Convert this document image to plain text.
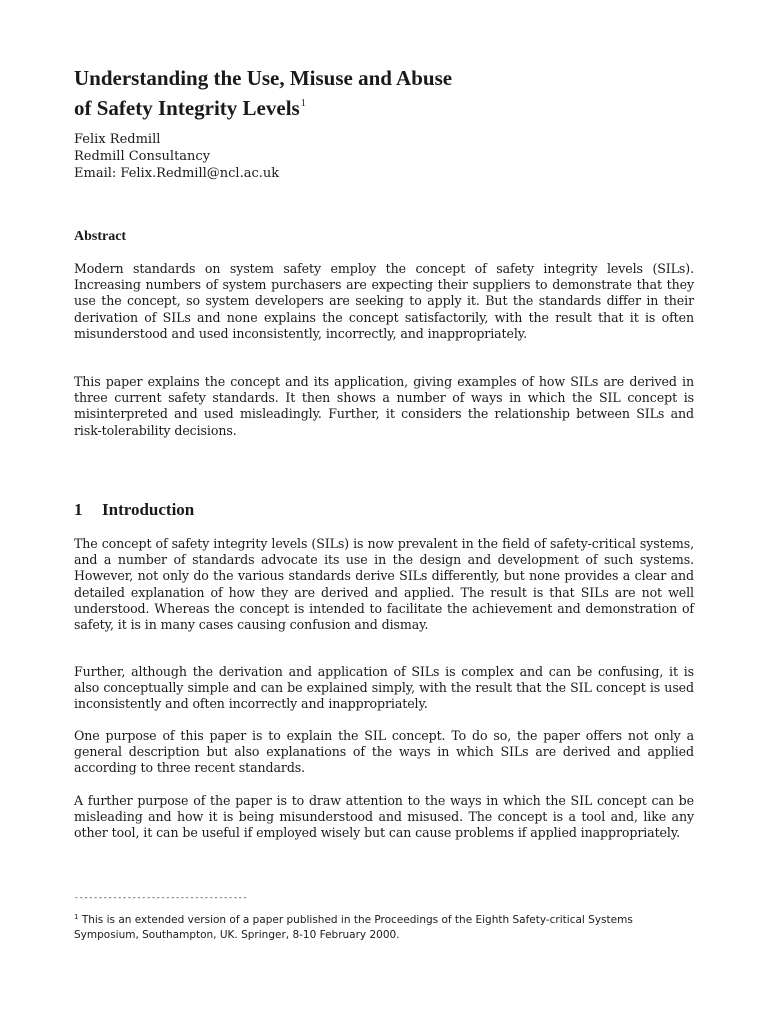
Understanding the Use, Misuse and Abuse
of Safety Integrity Levels$^1$
Felix Redmill
Redmill Consultancy
Email: Felix.Redmill@ncl.ac.uk
Abstract

Modern standards on system safety employ the concept of safety integrity levels (SILs). Increasing numbers of system purchasers are expecting their suppliers to demonstrate that they use the concept, so system developers are seeking to apply it. But the standards differ in their derivation of SILs and none explains the concept satisfactorily, with the result that it is often misunderstood and used inconsistently, incorrectly, and inappropriately.

This paper explains the concept and its application, giving examples of how SILs are derived in three current safety standards. It then shows a number of ways in which the SIL concept is misinterpreted and used misleadingly. Further, it considers the relationship between SILs and risk-tolerability decisions.

1 Introduction

The concept of safety integrity levels (SILs) is now prevalent in the field of safety-critical systems, and a number of standards advocate its use in the design and development of such systems. However, not only do the various standards derive SILs differently, but none provides a clear and detailed explanation of how they are derived and applied. The result is that SILs are not well understood. Whereas the concept is intended to facilitate the achievement and demonstration of safety, it is in many cases causing confusion and dismay.

Further, although the derivation and application of SILs is complex and can be confusing, it is also conceptually simple and can be explained simply, with the result that the SIL concept is used inconsistently and often incorrectly and inappropriately.

One purpose of this paper is to explain the SIL concept. To do so, the paper offers not only a general description but also explanations of the ways in which SILs are derived and applied according to three recent standards.

A further purpose of the paper is to draw attention to the ways in which the SIL concept can be misleading and how it is being misunderstood and misused. The concept is a tool and, like any other tool, it can be useful if employed wisely but can cause problems if applied inappropriately.

------------------------------------

$^1$ This is an extended version of a paper published in the Proceedings of the Eighth Safety-critical Systems Symposium, Southampton, UK. Springer, 8-10 February 2000.
